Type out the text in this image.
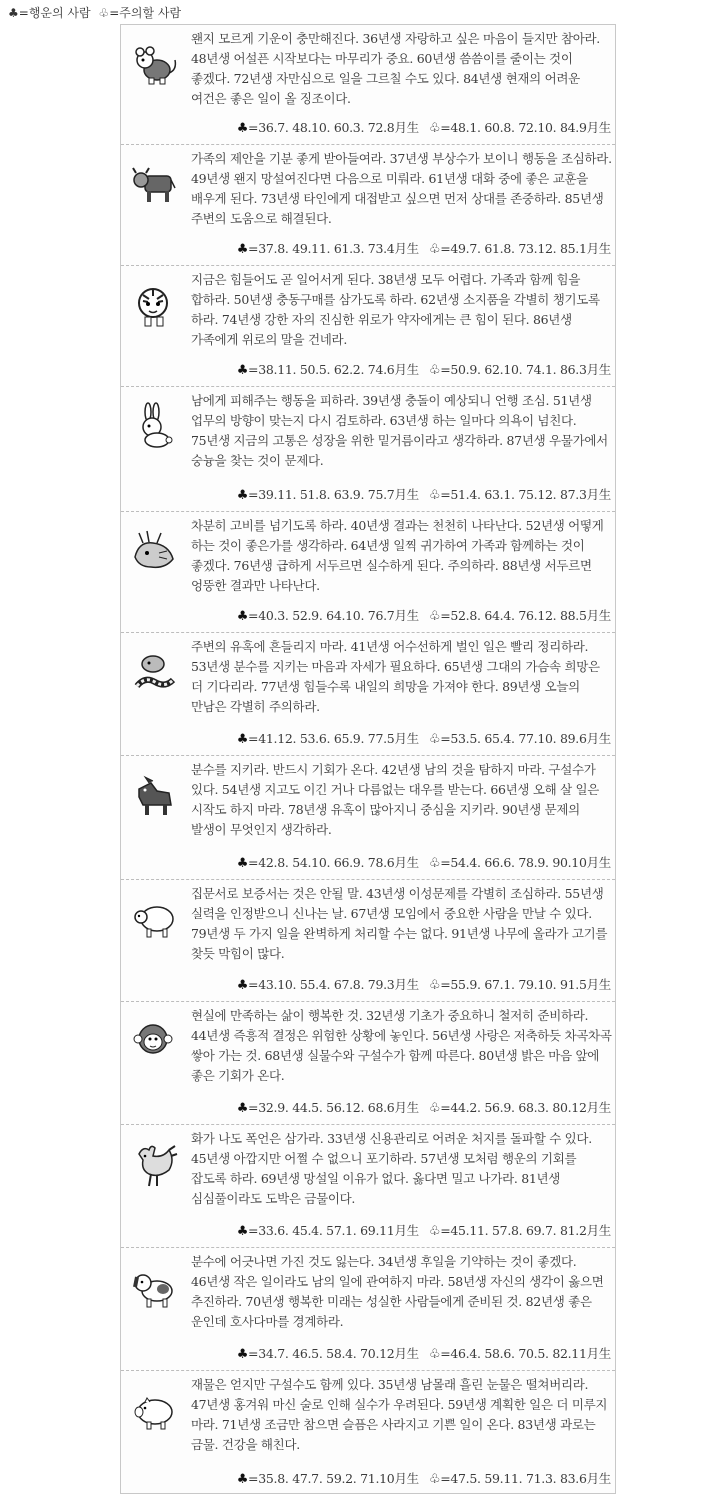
♣=행운의 사람 ♧=주의할 사람
왠지 모르게 기운이 충만해진다. 36년생 자랑하고 싶은 마음이 들지만 참아라. 48년생 어설픈 시작보다는 마무리가 중요. 60년생 씀씀이를 줄이는 것이 좋겠다. 72년생 자만심으로 일을 그르칠 수도 있다. 84년생 현재의 어려운 여건은 좋은 일이 올 징조이다.
♣=36.7. 48.10. 60.3. 72.8月生 ♧=48.1. 60.8. 72.10. 84.9月生
가족의 제안을 기분 좋게 받아들여라. 37년생 부상수가 보이니 행동을 조심하라. 49년생 왠지 망설여진다면 다음으로 미뤄라. 61년생 대화 중에 좋은 교훈을 배우게 된다. 73년생 타인에게 대접받고 싶으면 먼저 상대를 존중하라. 85년생 주변의 도움으로 해결된다.
♣=37.8. 49.11. 61.3. 73.4月生 ♧=49.7. 61.8. 73.12. 85.1月生
지금은 힘들어도 곧 일어서게 된다. 38년생 모두 어렵다. 가족과 함께 힘을 합하라. 50년생 충동구매를 삼가도록 하라. 62년생 소지품을 각별히 챙기도록 하라. 74년생 강한 자의 진심한 위로가 약자에게는 큰 힘이 된다. 86년생 가족에게 위로의 말을 건네라.
♣=38.11. 50.5. 62.2. 74.6月生 ♧=50.9. 62.10. 74.1. 86.3月生
남에게 피해주는 행동을 피하라. 39년생 충돌이 예상되니 언행 조심. 51년생 업무의 방향이 맞는지 다시 검토하라. 63년생 하는 일마다 의욕이 넘친다. 75년생 지금의 고통은 성장을 위한 밑거름이라고 생각하라. 87년생 우물가에서 숭늉을 찾는 것이 문제다.
♣=39.11. 51.8. 63.9. 75.7月生 ♧=51.4. 63.1. 75.12. 87.3月生
차분히 고비를 넘기도록 하라. 40년생 결과는 천천히 나타난다. 52년생 어떻게 하는 것이 좋은가를 생각하라. 64년생 일찍 귀가하여 가족과 함께하는 것이 좋겠다. 76년생 급하게 서두르면 실수하게 된다. 주의하라. 88년생 서두르면 엉뚱한 결과만 나타난다.
♣=40.3. 52.9. 64.10. 76.7月生 ♧=52.8. 64.4. 76.12. 88.5月生
주변의 유혹에 흔들리지 마라. 41년생 어수선하게 벌인 일은 빨리 정리하라. 53년생 분수를 지키는 마음과 자세가 필요하다. 65년생 그대의 가슴속 희망은 더 기다리라. 77년생 힘들수록 내일의 희망을 가져야 한다. 89년생 오늘의 만남은 각별히 주의하라.
♣=41.12. 53.6. 65.9. 77.5月生 ♧=53.5. 65.4. 77.10. 89.6月生
분수를 지키라. 반드시 기회가 온다. 42년생 남의 것을 탐하지 마라. 구설수가 있다. 54년생 지고도 이긴 거나 다름없는 대우를 받는다. 66년생 오해 살 일은 시작도 하지 마라. 78년생 유혹이 많아지니 중심을 지키라. 90년생 문제의 발생이 무엇인지 생각하라.
♣=42.8. 54.10. 66.9. 78.6月生 ♧=54.4. 66.6. 78.9. 90.10月生
집문서로 보증서는 것은 안될 말. 43년생 이성문제를 각별히 조심하라. 55년생 실력을 인정받으니 신나는 날. 67년생 모임에서 중요한 사람을 만날 수 있다. 79년생 두 가지 일을 완벽하게 처리할 수는 없다. 91년생 나무에 올라가 고기를 찾듯 막힘이 많다.
♣=43.10. 55.4. 67.8. 79.3月生 ♧=55.9. 67.1. 79.10. 91.5月生
현실에 만족하는 삶이 행복한 것. 32년생 기초가 중요하니 철저히 준비하라. 44년생 즉흥적 결정은 위험한 상황에 놓인다. 56년생 사랑은 저축하듯 차곡차곡 쌓아 가는 것. 68년생 실물수와 구설수가 함께 따른다. 80년생 밝은 마음 앞에 좋은 기회가 온다.
♣=32.9. 44.5. 56.12. 68.6月生 ♧=44.2. 56.9. 68.3. 80.12月生
화가 나도 폭언은 삼가라. 33년생 신용관리로 어려운 처지를 돌파할 수 있다. 45년생 아깝지만 어쩔 수 없으니 포기하라. 57년생 모처럼 행운의 기회를 잡도록 하라. 69년생 망설일 이유가 없다. 옳다면 밀고 나가라. 81년생 심심풀이라도 도박은 금물이다.
♣=33.6. 45.4. 57.1. 69.11月生 ♧=45.11. 57.8. 69.7. 81.2月生
분수에 어긋나면 가진 것도 잃는다. 34년생 후일을 기약하는 것이 좋겠다. 46년생 작은 일이라도 남의 일에 관여하지 마라. 58년생 자신의 생각이 옳으면 추진하라. 70년생 행복한 미래는 성실한 사람들에게 준비된 것. 82년생 좋은 운인데 호사다마를 경계하라.
♣=34.7. 46.5. 58.4. 70.12月生 ♧=46.4. 58.6. 70.5. 82.11月生
재물은 얻지만 구설수도 함께 있다. 35년생 남몰래 흘린 눈물은 떨쳐버리라. 47년생 홍겨워 마신 술로 인해 실수가 우려된다. 59년생 계획한 일은 더 미루지 마라. 71년생 조금만 참으면 슬픔은 사라지고 기쁜 일이 온다. 83년생 과로는 금물. 건강을 해친다.
♣=35.8. 47.7. 59.2. 71.10月生 ♧=47.5. 59.11. 71.3. 83.6月生
